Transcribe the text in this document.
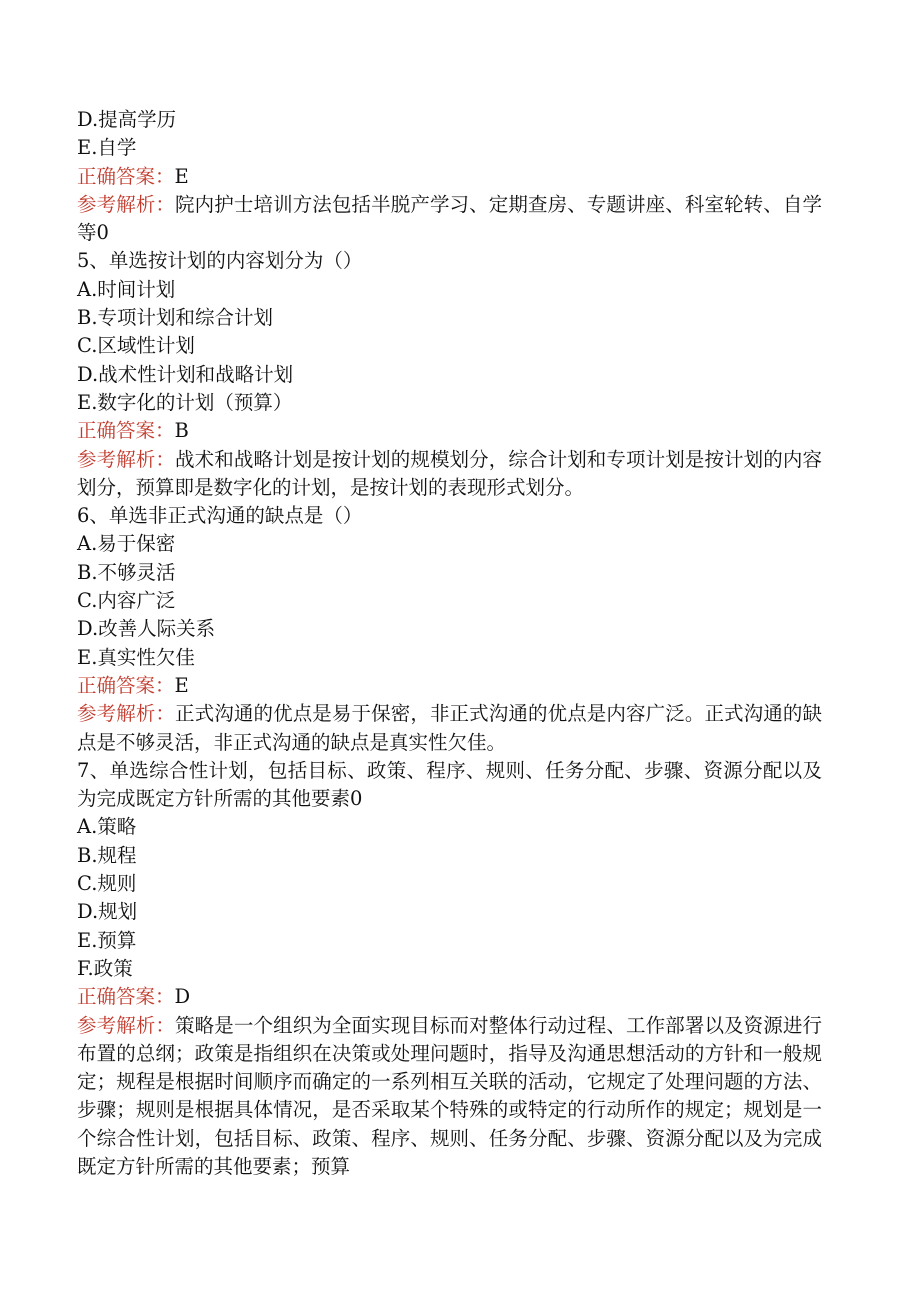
D.提高学历
E.自学
正确答案：E
参考解析：院内护士培训方法包括半脱产学习、定期查房、专题讲座、科室轮转、自学等0
5、单选按计划的内容划分为（）
A.时间计划
B.专项计划和综合计划
C.区域性计划
D.战术性计划和战略计划
E.数字化的计划（预算）
正确答案：B
参考解析：战术和战略计划是按计划的规模划分，综合计划和专项计划是按计划的内容划分，预算即是数字化的计划，是按计划的表现形式划分。
6、单选非正式沟通的缺点是（）
A.易于保密
B.不够灵活
C.内容广泛
D.改善人际关系
E.真实性欠佳
正确答案：E
参考解析：正式沟通的优点是易于保密，非正式沟通的优点是内容广泛。正式沟通的缺点是不够灵活，非正式沟通的缺点是真实性欠佳。
7、单选综合性计划，包括目标、政策、程序、规则、任务分配、步骤、资源分配以及为完成既定方针所需的其他要素0
A.策略
B.规程
C.规则
D.规划
E.预算
F.政策
正确答案：D
参考解析：策略是一个组织为全面实现目标而对整体行动过程、工作部署以及资源进行布置的总纲；政策是指组织在决策或处理问题时，指导及沟通思想活动的方针和一般规定；规程是根据时间顺序而确定的一系列相互关联的活动，它规定了处理问题的方法、步骤；规则是根据具体情况，是否采取某个特殊的或特定的行动所作的规定；规划是一个综合性计划，包括目标、政策、程序、规则、任务分配、步骤、资源分配以及为完成既定方针所需的其他要素；预算
